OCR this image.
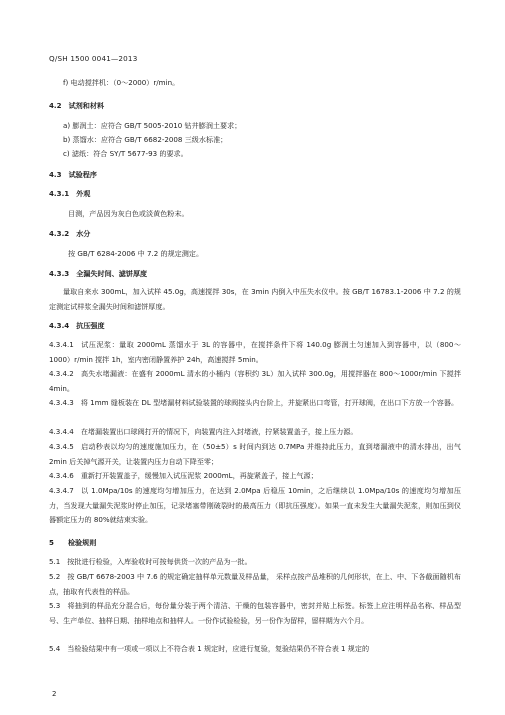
Q/SH 1500 0041—2013
f) 电动搅拌机：（0～2000）r/min。
4.2 试剂和材料
a) 膨润土：应符合 GB/T 5005-2010 钻井膨润土要求；
b) 蒸馏水：应符合 GB/T 6682-2008 三级水标准；
c) 滤纸：符合 SY/T 5677-93 的要求。
4.3 试验程序
4.3.1 外观
目测，产品因为灰白色或淡黄色粉末。
4.3.2 水分
按 GB/T 6284-2006 中 7.2 的规定测定。
4.3.3 全漏失时间、滤饼厚度
量取自来水 300mL，加入试样 45.0g，高速搅拌 30s，在 3min 内倒入中压失水仪中。按 GB/T 16783.1-2006 中 7.2 的规定测定试样浆全漏失时间和滤饼厚度。
4.3.4 抗压强度
4.3.4.1 试压泥浆：量取 2000mL 蒸馏水于 3L 的容器中，在搅拌条件下将 140.0g 膨润土匀速加入到容器中，以（800～1000）r/min 搅拌 1h，室内密闭静置养护 24h，高速搅拌 5min。
4.3.4.2 高失水堵漏液：在盛有 2000mL 清水的小桶内（容积约 3L）加入试样 300.0g，用搅拌器在 800～1000r/min 下搅拌 4min。
4.3.4.3 将 1mm 缝板装在 DL 型堵漏材料试验装置的球阀接头内台阶上，并旋紧出口弯管，打开球阀，在出口下方放一个容器。
4.3.4.4 在堵漏装置出口球阀打开的情况下，向装置内注入封堵液，拧紧装置盖子，接上压力源。
4.3.4.5 启动秒表以均匀的速度施加压力，在（50±5）s 时间内到达 0.7MPa 并维持此压力，直到堵漏液中的清水排出，出气 2min 后关掉气源开关，让装置内压力自动下降至零；
4.3.4.6 重新打开装置盖子，缓慢加入试压泥浆 2000mL，再旋紧盖子，接上气源；
4.3.4.7 以 1.0Mpa/10s 的速度均匀增加压力，在达到 2.0Mpa 后稳压 10min，之后继续以 1.0Mpa/10s 的速度均匀增加压力，当发现大量漏失泥浆时停止加压，记录堵塞带刚破裂时的最高压力（即抗压强度）。如果一直未发生大量漏失泥浆，则加压到仪器额定压力的 80%就结束实验。
5 检验规则
5.1 按批进行检验，入库验收时可按每供货一次的产品为一批。
5.2 按 GB/T 6678-2003 中 7.6 的规定确定抽样单元数量及样品量， 采样点按产品堆积的几何形状，在上、中、下各截面随机布点，抽取有代表性的样品。
5.3 将抽到的样品充分混合后，每份量分装于两个清洁、干燥的包装容器中，密封并贴上标签。标签上应注明样品名称、样品型号、生产单位、抽样日期、抽样地点和抽样人。一份作试验检验，另一份作为留样，留样期为六个月。
5.4 当检验结果中有一项或一项以上不符合表 1 规定时，应进行复验，复验结果仍不符合表 1 规定的
2
